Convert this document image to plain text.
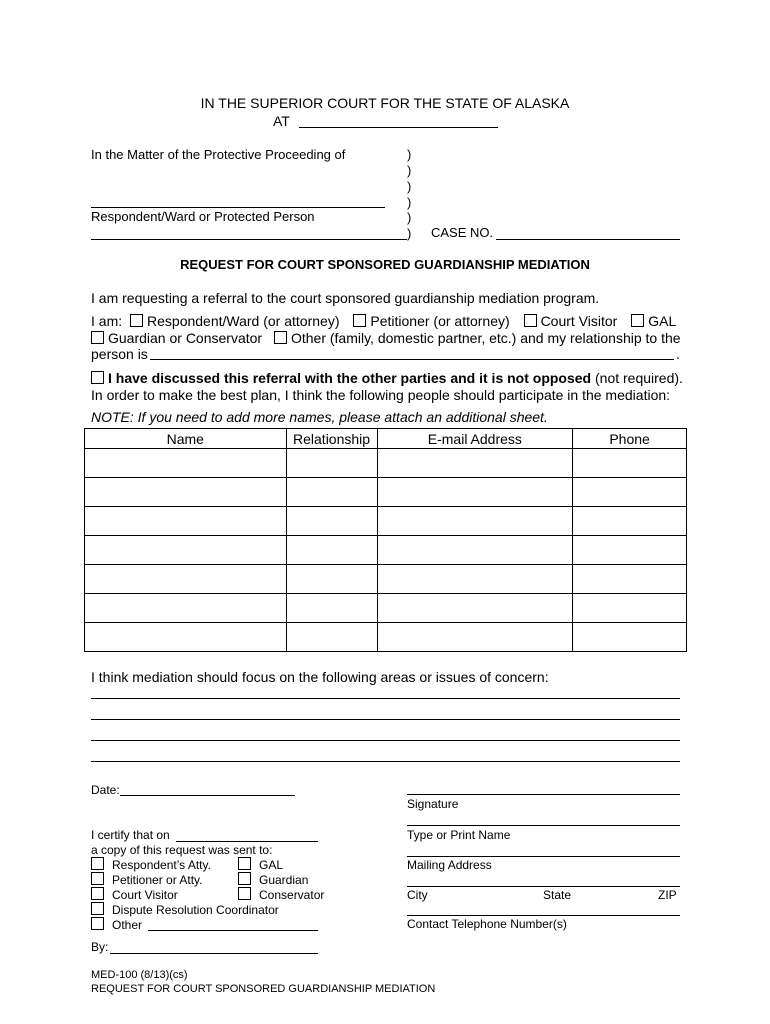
IN THE SUPERIOR COURT FOR THE STATE OF ALASKA
AT
In the Matter of the Protective Proceeding of	)
)
)
)
)
)
Respondent/Ward or Protected Person
CASE NO.
REQUEST FOR COURT SPONSORED GUARDIANSHIP MEDIATION
I am requesting a referral to the court sponsored guardianship mediation program.
I am: Respondent/Ward (or attorney) Petitioner (or attorney) Court Visitor GAL
Guardian or Conservator Other (family, domestic partner, etc.) and my relationship to the
person is	.
I have discussed this referral with the other parties and it is not opposed (not required).
In order to make the best plan, I think the following people should participate in the mediation:
NOTE: If you need to add more names, please attach an additional sheet.
Name	Relationship	E-mail Address	Phone

I think mediation should focus on the following areas or issues of concern:
Date:
Signature
Type or Print Name
Mailing Address
City	State	ZIP
Contact Telephone Number(s)
I certify that on
a copy of this request was sent to:
Respondent’s Atty.	GAL
Petitioner or Atty.	Guardian
Court Visitor	Conservator
Dispute Resolution Coordinator
Other
By:
MED-100 (8/13)(cs)
REQUEST FOR COURT SPONSORED GUARDIANSHIP MEDIATION
